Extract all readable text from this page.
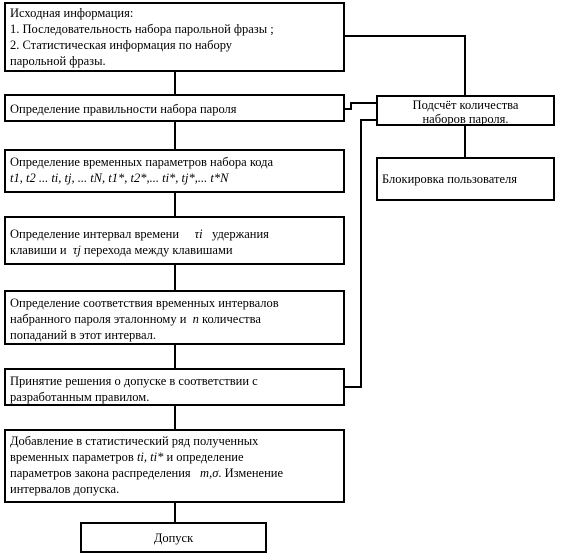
Исходная информация:
1. Последовательность набора парольной фразы ;
2. Статистическая информация по набору
парольной фразы.
Определение правильности набора пароля	Подсчёт количества
наборов пароля.
Блокировка пользователя
Определение временных параметров набора кода
t1, t2 ... ti, tj, ... tN, t1*, t2*,... ti*, tj*,... t*N
Определение интервал времени τi удержания
клавиши и τj перехода между клавишами
Определение соответствия временных интервалов
набранного пароля эталонному и n количества
попаданий в этот интервал.
Принятие решения о допуске в соответствии с
разработанным правилом.
Добавление в статистический ряд полученных
временных параметров ti, ti* и определение
параметров закона распределения m,σ. Изменение
интервалов допуска.
Допуск
